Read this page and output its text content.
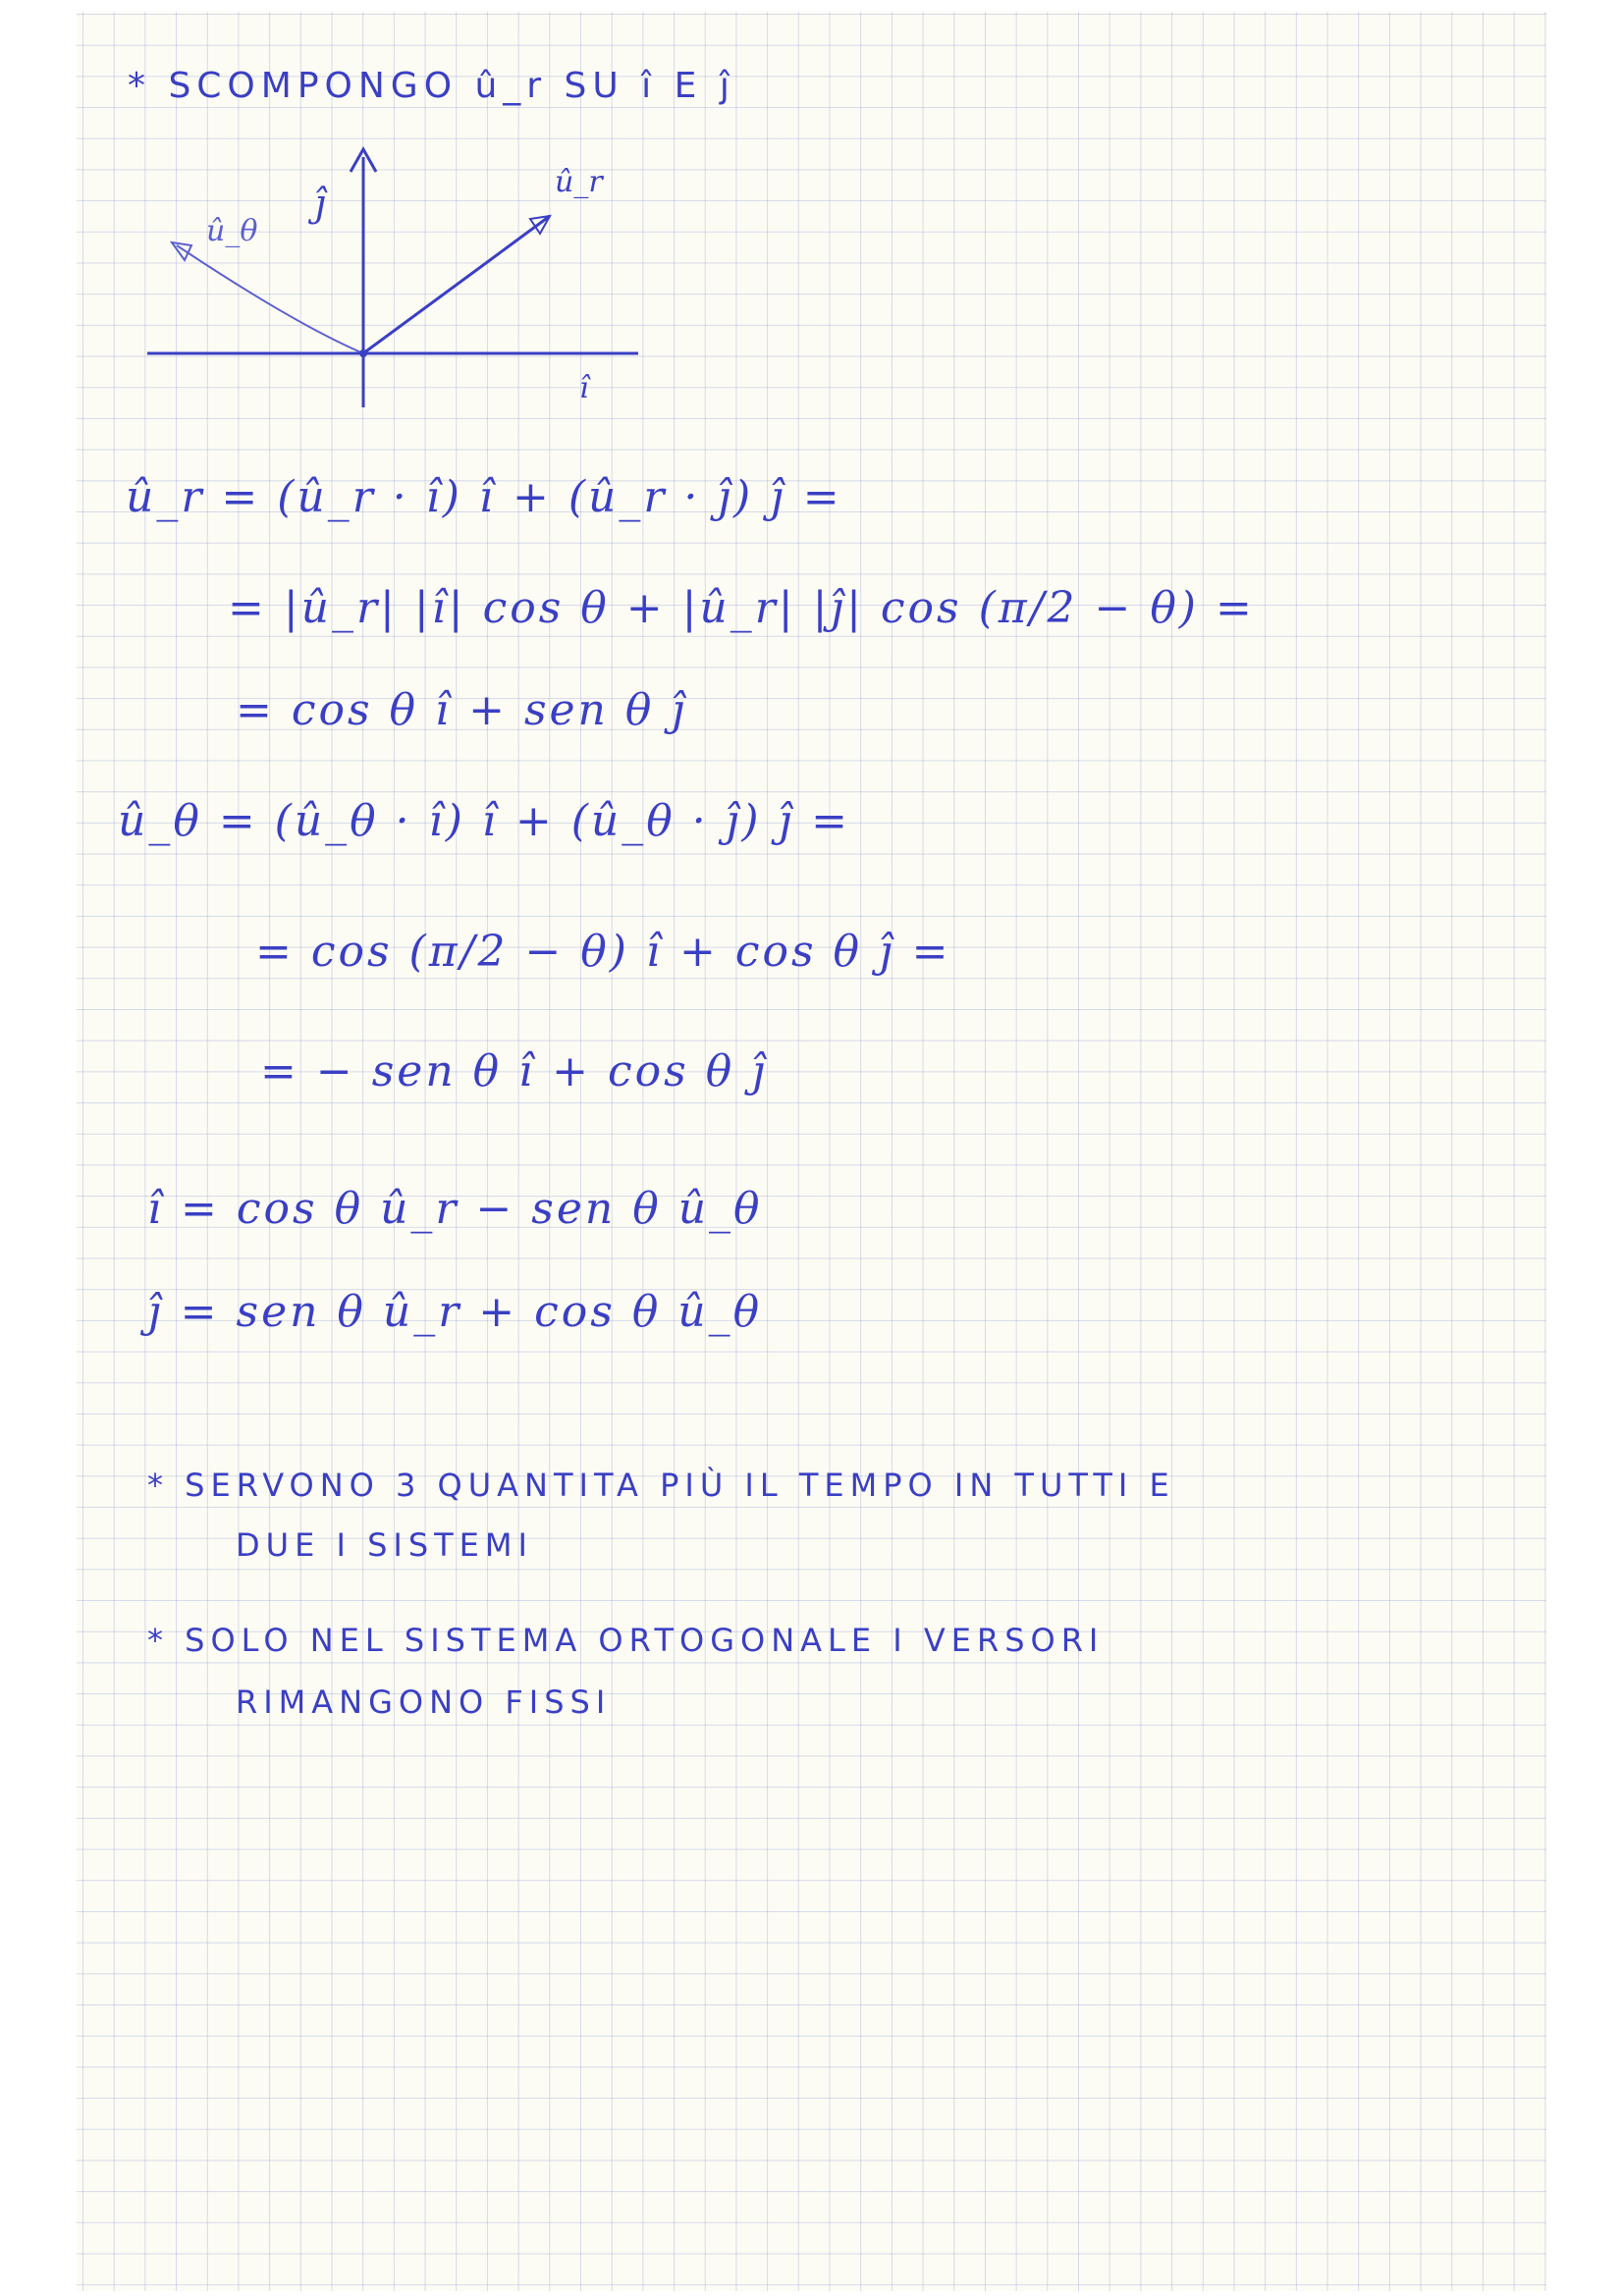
* SCOMPONGO û_r SU î E ĵ
ĵ	û_r
û_θ
î
û_r = (û_r · î) î + (û_r · ĵ) ĵ =
= |û_r| |î| cos θ + |û_r| |ĵ| cos (π/2 − θ) =
= cos θ î + sen θ ĵ
û_θ = (û_θ · î) î + (û_θ · ĵ) ĵ =
= cos (π/2 − θ) î + cos θ ĵ =
= − sen θ î + cos θ ĵ
î = cos θ û_r − sen θ û_θ
ĵ = sen θ û_r + cos θ û_θ
* SERVONO 3 QUANTITA PIÙ IL TEMPO IN TUTTI E
DUE I SISTEMI
* SOLO NEL SISTEMA ORTOGONALE I VERSORI
RIMANGONO FISSI
